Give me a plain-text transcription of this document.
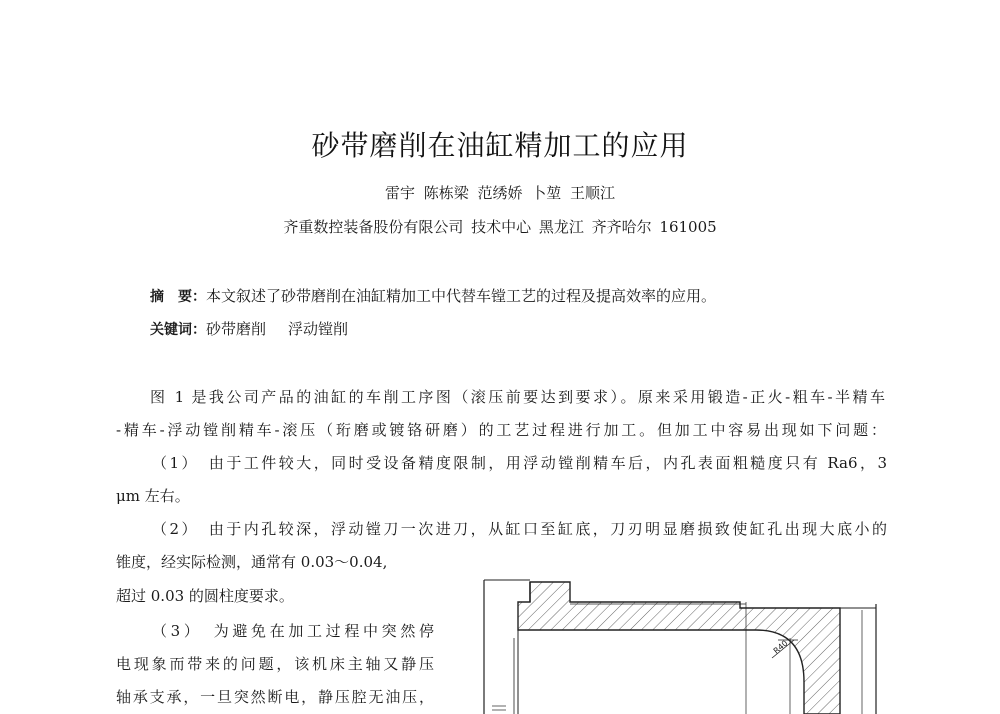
砂带磨削在油缸精加工的应用
雷宇 陈栋梁 范绣娇 卜堃 王顺江
齐重数控装备股份有限公司 技术中心 黑龙江 齐齐哈尔 161005
摘　要：本文叙述了砂带磨削在油缸精加工中代替车镗工艺的过程及提高效率的应用。
关键词：砂带磨削 浮动镗削
图 1 是我公司产品的油缸的车削工序图（滚压前要达到要求）。原来采用锻造-正火-粗车-半精车
-精车-浮动镗削精车-滚压（珩磨或镀铬研磨）的工艺过程进行加工。但加工中容易出现如下问题：
（1）　由于工件较大，同时受设备精度限制，用浮动镗削精车后，内孔表面粗糙度只有 Ra6，3
μm 左右。
（2）　由于内孔较深，浮动镗刀一次进刀，从缸口至缸底，刀刃明显磨损致使缸孔出现大底小的
锥度，经实际检测，通常有 0.03～0.04,
超过 0.03 的圆柱度要求。
（3）　为避免在加工过程中突然停
电现象而带来的问题，该机床主轴又静压
轴承支承，一旦突然断电，静压腔无油压，
R40
